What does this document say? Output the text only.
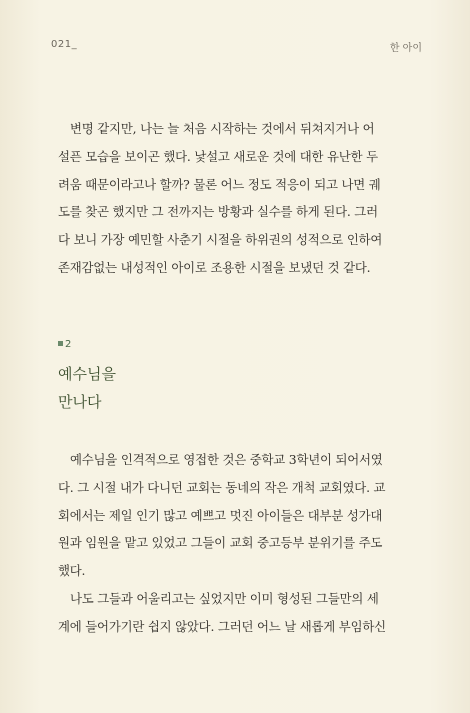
021_	한 아이
변명 같지만, 나는 늘 처음 시작하는 것에서 뒤쳐지거나 어
설픈 모습을 보이곤 했다. 낯설고 새로운 것에 대한 유난한 두
려움 때문이라고나 할까? 물론 어느 정도 적응이 되고 나면 궤
도를 찾곤 했지만 그 전까지는 방황과 실수를 하게 된다. 그러
다 보니 가장 예민할 사춘기 시절을 하위권의 성적으로 인하여
존재감없는 내성적인 아이로 조용한 시절을 보냈던 것 같다.
2
예수님을
만나다
예수님을 인격적으로 영접한 것은 중학교 3학년이 되어서였
다. 그 시절 내가 다니던 교회는 동네의 작은 개척 교회였다. 교
회에서는 제일 인기 많고 예쁘고 멋진 아이들은 대부분 성가대
원과 임원을 맡고 있었고 그들이 교회 중고등부 분위기를 주도
했다.
나도 그들과 어울리고는 싶었지만 이미 형성된 그들만의 세
계에 들어가기란 쉽지 않았다. 그러던 어느 날 새롭게 부임하신
